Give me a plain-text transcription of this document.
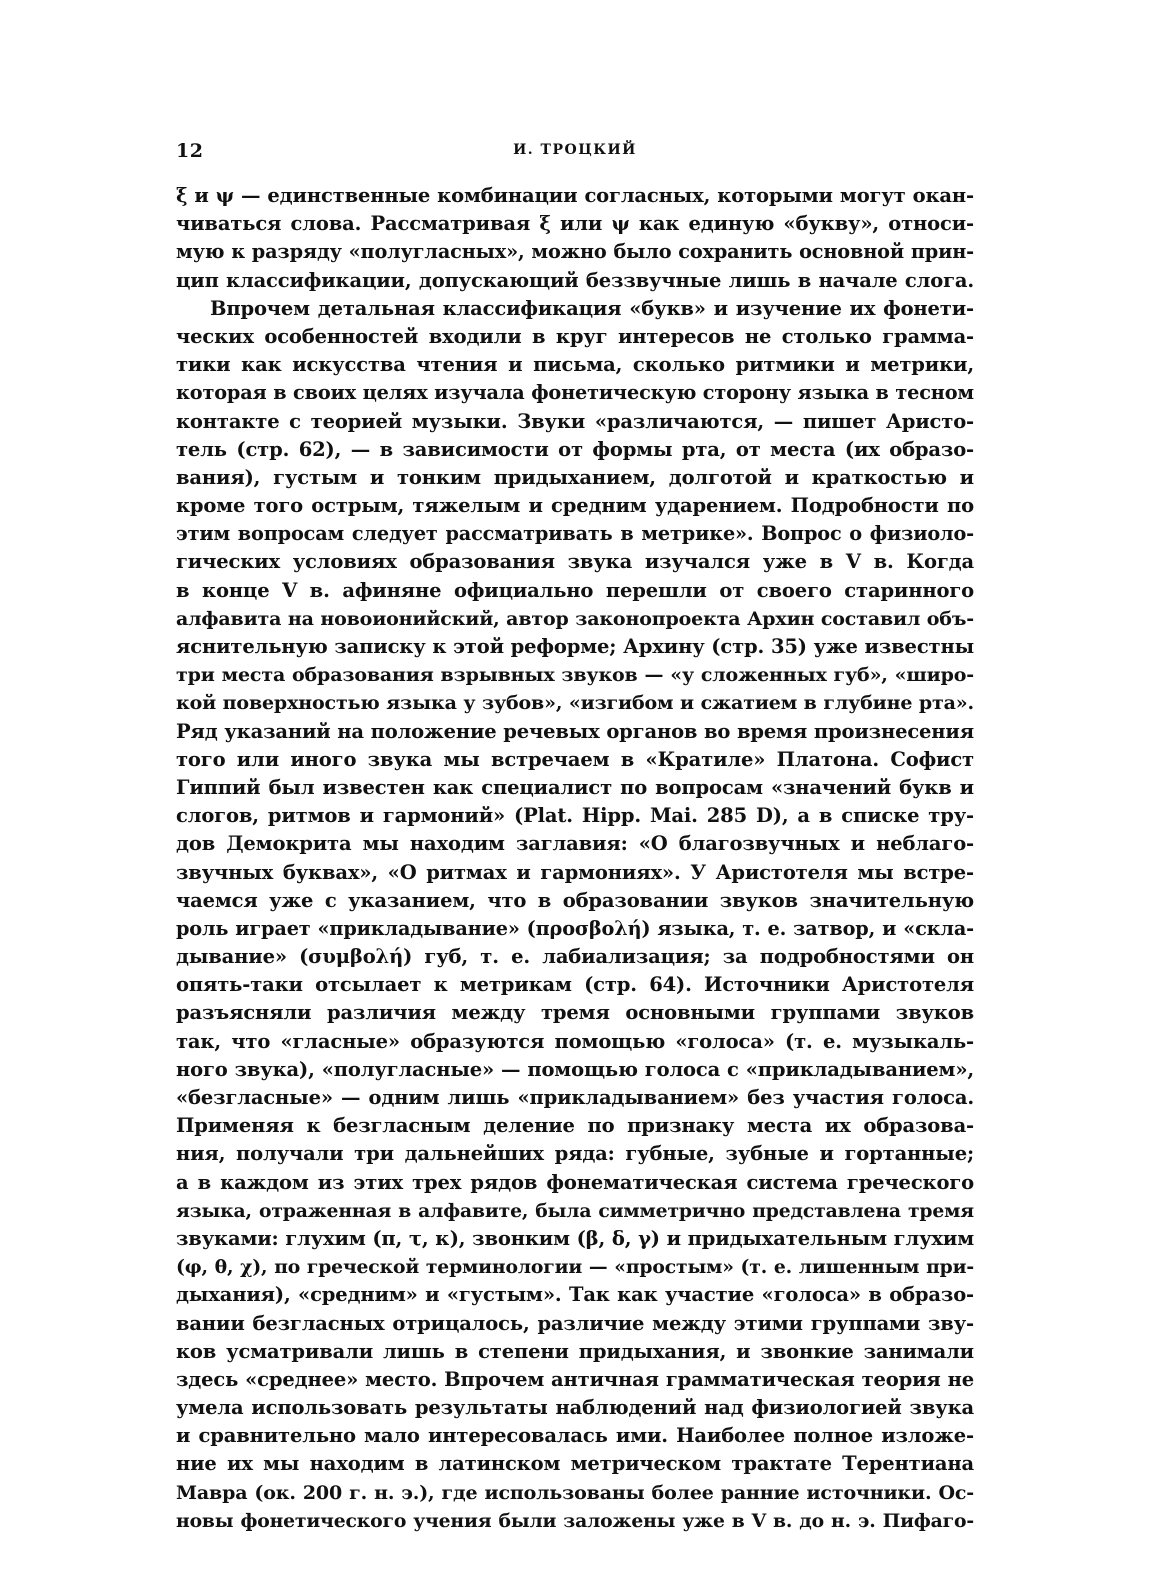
12	И. ТРОЦКИЙ
ξ и ψ — единственные комбинации согласных, которыми могут окан-
чиваться слова. Рассматривая ξ или ψ как единую «букву», относи-
мую к разряду «полугласных», можно было сохранить основной прин-
цип классификации, допускающий беззвучные лишь в начале слога.
Впрочем детальная классификация «букв» и изучение их фонети-
ческих особенностей входили в круг интересов не столько грамма-
тики как искусства чтения и письма, сколько ритмики и метрики,
которая в своих целях изучала фонетическую сторону языка в тесном
контакте с теорией музыки. Звуки «различаются, — пишет Аристо-
тель (стр. 62), — в зависимости от формы рта, от места (их образо-
вания), густым и тонким придыханием, долготой и краткостью и
кроме того острым, тяжелым и средним ударением. Подробности по
этим вопросам следует рассматривать в метрике». Вопрос о физиоло-
гических условиях образования звука изучался уже в V в. Когда
в конце V в. афиняне официально перешли от своего старинного
алфавита на новоионийский, автор законопроекта Архин составил объ-
яснительную записку к этой реформе; Архину (стр. 35) уже известны
три места образования взрывных звуков — «у сложенных губ», «широ-
кой поверхностью языка у зубов», «изгибом и сжатием в глубине рта».
Ряд указаний на положение речевых органов во время произнесения
того или иного звука мы встречаем в «Кратиле» Платона. Софист
Гиппий был известен как специалист по вопросам «значений букв и
слогов, ритмов и гармоний» (Plat. Hipp. Mai. 285 D), а в списке тру-
дов Демокрита мы находим заглавия: «О благозвучных и неблаго-
звучных буквах», «О ритмах и гармониях». У Аристотеля мы встре-
чаемся уже с указанием, что в образовании звуков значительную
роль играет «прикладывание» (προσβολή) языка, т. е. затвор, и «скла-
дывание» (συμβολή) губ, т. е. лабиализация; за подробностями он
опять-таки отсылает к метрикам (стр. 64). Источники Аристотеля
разъясняли различия между тремя основными группами звуков
так, что «гласные» образуются помощью «голоса» (т. е. музыкаль-
ного звука), «полугласные» — помощью голоса с «прикладыванием»,
«безгласные» — одним лишь «прикладыванием» без участия голоса.
Применяя к безгласным деление по признаку места их образова-
ния, получали три дальнейших ряда: губные, зубные и гортанные;
а в каждом из этих трех рядов фонематическая система греческого
языка, отраженная в алфавите, была симметрично представлена тремя
звуками: глухим (π, τ, κ), звонким (β, δ, γ) и придыхательным глухим
(φ, θ, χ), по греческой терминологии — «простым» (т. е. лишенным при-
дыхания), «средним» и «густым». Так как участие «голоса» в образо-
вании безгласных отрицалось, различие между этими группами зву-
ков усматривали лишь в степени придыхания, и звонкие занимали
здесь «среднее» место. Впрочем античная грамматическая теория не
умела использовать результаты наблюдений над физиологией звука
и сравнительно мало интересовалась ими. Наиболее полное изложе-
ние их мы находим в латинском метрическом трактате Терентиана
Мавра (ок. 200 г. н. э.), где использованы более ранние источники. Ос-
новы фонетического учения были заложены уже в V в. до н. э. Пифаго-
